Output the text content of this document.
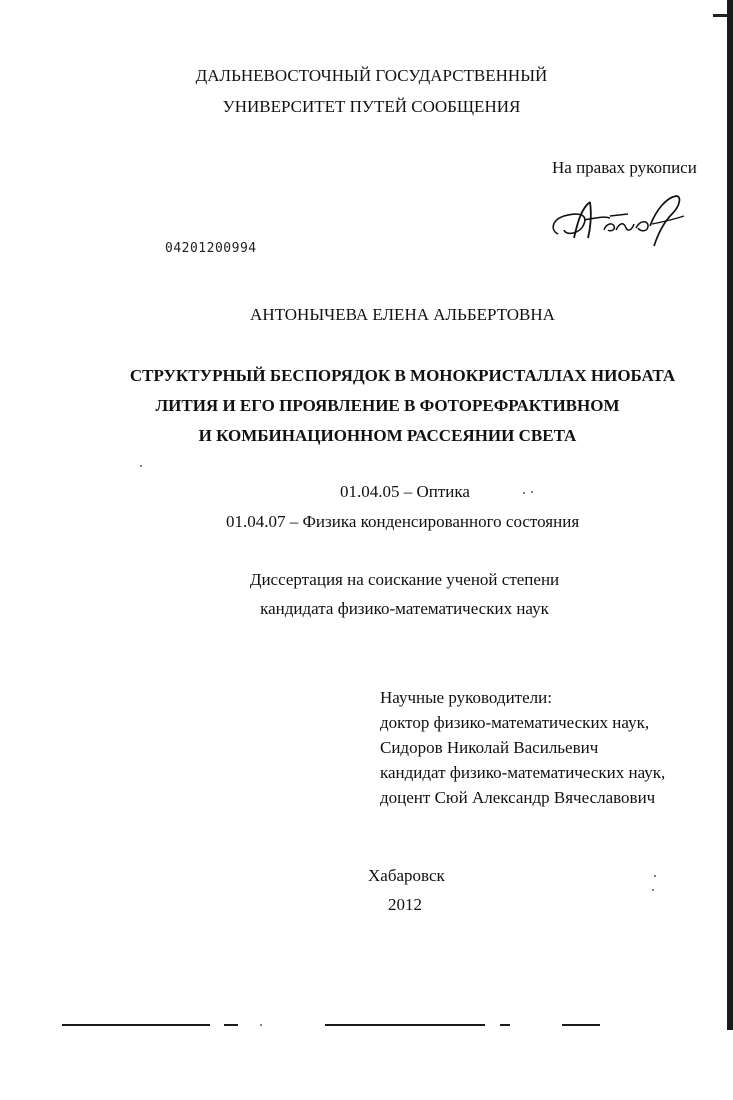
ДАЛЬНЕВОСТОЧНЫЙ ГОСУДАРСТВЕННЫЙ
УНИВЕРСИТЕТ ПУТЕЙ СООБЩЕНИЯ
На правах рукописи
04201200994
АНТОНЫЧЕВА ЕЛЕНА АЛЬБЕРТОВНА
СТРУКТУРНЫЙ БЕСПОРЯДОК В МОНОКРИСТАЛЛАХ НИОБАТА
ЛИТИЯ И ЕГО ПРОЯВЛЕНИЕ В ФОТОРЕФРАКТИВНОМ
И КОМБИНАЦИОННОМ РАССЕЯНИИ СВЕТА
01.04.05 – Оптика
01.04.07 – Физика конденсированного состояния
Диссертация на соискание ученой степени
кандидата физико-математических наук
Научные руководители:
доктор физико-математических наук,
Сидоров Николай Васильевич
кандидат физико-математических наук,
доцент Сюй Александр Вячеславович
Хабаровск
2012
